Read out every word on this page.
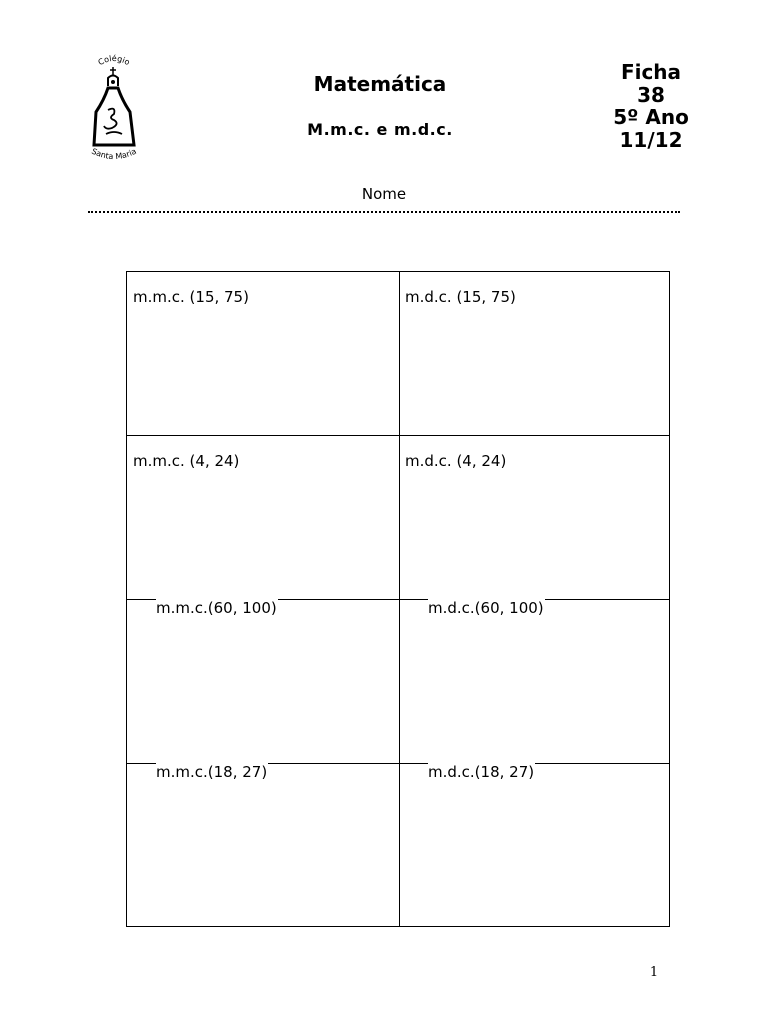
Colégio
Santa Maria
Matemática
M.m.c. e m.d.c.
Ficha
38
5º Ano
11/12
Nome
m.m.c. (15, 75)	m.d.c. (15, 75)
m.m.c. (4, 24)	m.d.c. (4, 24)
m.m.c.(60, 100)	m.d.c.(60, 100)
m.m.c.(18, 27)	m.d.c.(18, 27)
1
